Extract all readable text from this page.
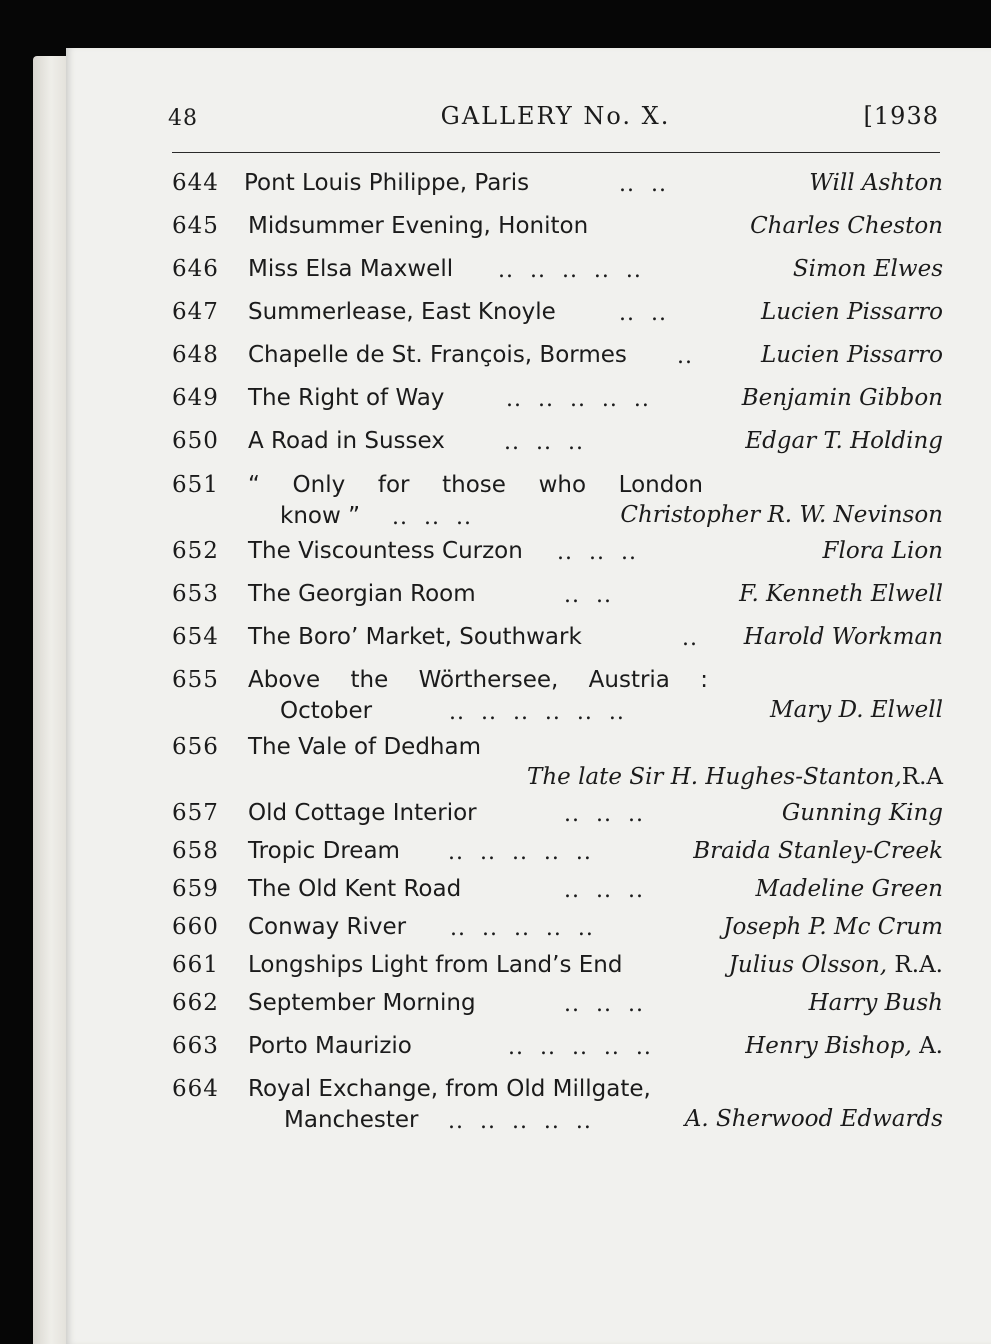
48	GALLERY No. X.	[1938
644 Pont Louis Philippe, Paris	..  ..	Will Ashton
645 Midsummer Evening, Honiton	Charles Cheston
646 Miss Elsa Maxwell ..  ..  ..  ..  ..	Simon Elwes
647 Summerlease, East Knoyle	..  ..	Lucien Pissarro
648 Chapelle de St. François, Bormes ..	Lucien Pissarro
649 The Right of Way	..  ..  ..  ..  ..	Benjamin Gibbon
650 A Road in Sussex	..  ..  ..	Edgar T. Holding
651 “ Only for those who London
know ” ..  ..  ..	Christopher R. W. Nevinson
652 The Viscountess Curzon ..  ..  ..	Flora Lion
653 The Georgian Room	..  ..	F. Kenneth Elwell
654 The Boro’ Market, Southwark	.. Harold Workman
655 Above the Wörthersee, Austria :
October	..  ..  ..  ..  ..  ..	Mary D. Elwell
656 The Vale of Dedham
The late Sir H. Hughes-Stanton,R.A
657 Old Cottage Interior	..  ..  ..	Gunning King
658 Tropic Dream ..  ..  ..  ..  ..	Braida Stanley-Creek
659 The Old Kent Road	..  ..  ..	Madeline Green
660 Conway River ..  ..  ..  ..  ..	Joseph P. Mc Crum
661 Longships Light from Land’s End	Julius Olsson, R.A.
662 September Morning	..  ..  ..	Harry Bush
663 Porto Maurizio	..  ..  ..  ..  ..	Henry Bishop, A.
664 Royal Exchange, from Old Millgate,
Manchester ..  ..  ..  ..  ..	A. Sherwood Edwards
